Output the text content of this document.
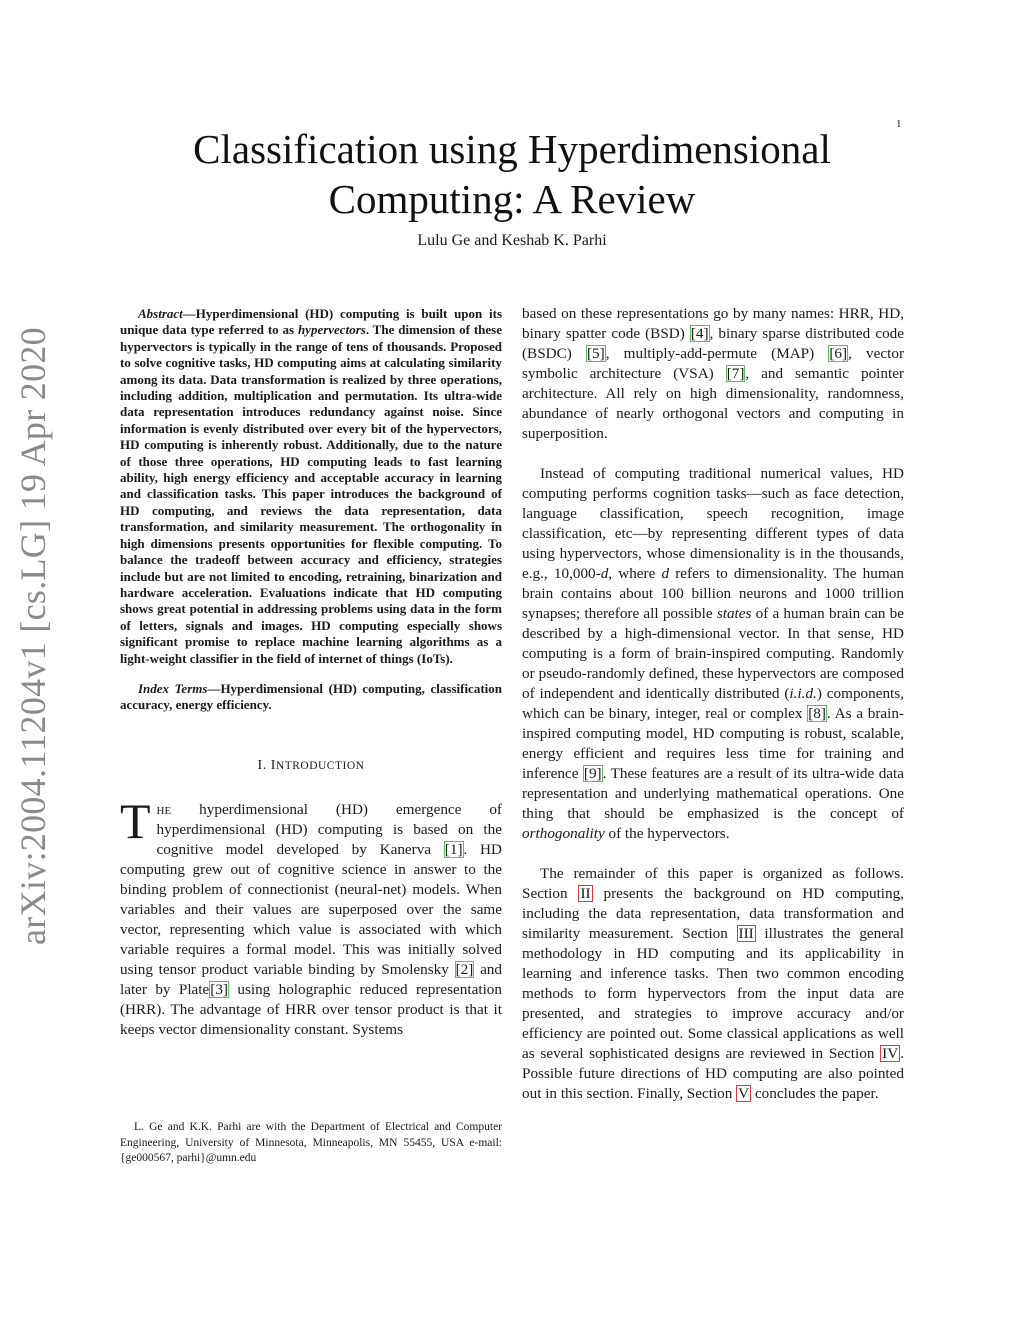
1
arXiv:2004.11204v1 [cs.LG] 19 Apr 2020
Classification using Hyperdimensional
Computing: A Review
Lulu Ge and Keshab K. Parhi

Abstract—Hyperdimensional (HD) computing is built upon its unique data type referred to as hypervectors. The dimension of these hypervectors is typically in the range of tens of thousands. Proposed to solve cognitive tasks, HD computing aims at calculating similarity among its data. Data transformation is realized by three operations, including addition, multiplication and permutation. Its ultra-wide data representation introduces redundancy against noise. Since information is evenly distributed over every bit of the hypervectors, HD computing is inherently robust. Additionally, due to the nature of those three operations, HD computing leads to fast learning ability, high energy efficiency and acceptable accuracy in learning and classification tasks. This paper introduces the background of HD computing, and reviews the data representation, data transformation, and similarity measurement. The orthogonality in high dimensions presents opportunities for flexible computing. To balance the tradeoff between accuracy and efficiency, strategies include but are not limited to encoding, retraining, binarization and hardware acceleration. Evaluations indicate that HD computing shows great potential in addressing problems using data in the form of letters, signals and images. HD computing especially shows significant promise to replace machine learning algorithms as a light-weight classifier in the field of internet of things (IoTs).

Index Terms—Hyperdimensional (HD) computing, classification accuracy, energy efficiency.

I. INTRODUCTION

The hyperdimensional (HD) emergence of hyperdimensional (HD) computing is based on the cognitive model developed by Kanerva [1]. HD computing grew out of cognitive science in answer to the binding problem of connectionist (neural-net) models. When variables and their values are superposed over the same vector, representing which value is associated with which variable requires a formal model. This was initially solved using tensor product variable binding by Smolensky [2] and later by Plate[3] using holographic reduced representation (HRR). The advantage of HRR over tensor product is that it keeps vector dimensionality constant. Systems

L. Ge and K.K. Parhi are with the Department of Electrical and Computer Engineering, University of Minnesota, Minneapolis, MN 55455, USA e-mail: {ge000567, parhi}@umn.edu

based on these representations go by many names: HRR, HD, binary spatter code (BSD) [4], binary sparse distributed code (BSDC) [5], multiply-add-permute (MAP) [6], vector symbolic architecture (VSA) [7], and semantic pointer architecture. All rely on high dimensionality, randomness, abundance of nearly orthogonal vectors and computing in superposition.

Instead of computing traditional numerical values, HD computing performs cognition tasks—such as face detection, language classification, speech recognition, image classification, etc—by representing different types of data using hypervectors, whose dimensionality is in the thousands, e.g., 10,000-d, where d refers to dimensionality. The human brain contains about 100 billion neurons and 1000 trillion synapses; therefore all possible states of a human brain can be described by a high-dimensional vector. In that sense, HD computing is a form of brain-inspired computing. Randomly or pseudo-randomly defined, these hypervectors are composed of independent and identically distributed (i.i.d.) components, which can be binary, integer, real or complex [8]. As a brain-inspired computing model, HD computing is robust, scalable, energy efficient and requires less time for training and inference [9]. These features are a result of its ultra-wide data representation and underlying mathematical operations. One thing that should be emphasized is the concept of orthogonality of the hypervectors.

The remainder of this paper is organized as follows. Section II presents the background on HD computing, including the data representation, data transformation and similarity measurement. Section III illustrates the general methodology in HD computing and its applicability in learning and inference tasks. Then two common encoding methods to form hypervectors from the input data are presented, and strategies to improve accuracy and/or efficiency are pointed out. Some classical applications as well as several sophisticated designs are reviewed in Section IV . Possible future directions of HD computing are also pointed out in this section. Finally, Section V concludes the paper.
